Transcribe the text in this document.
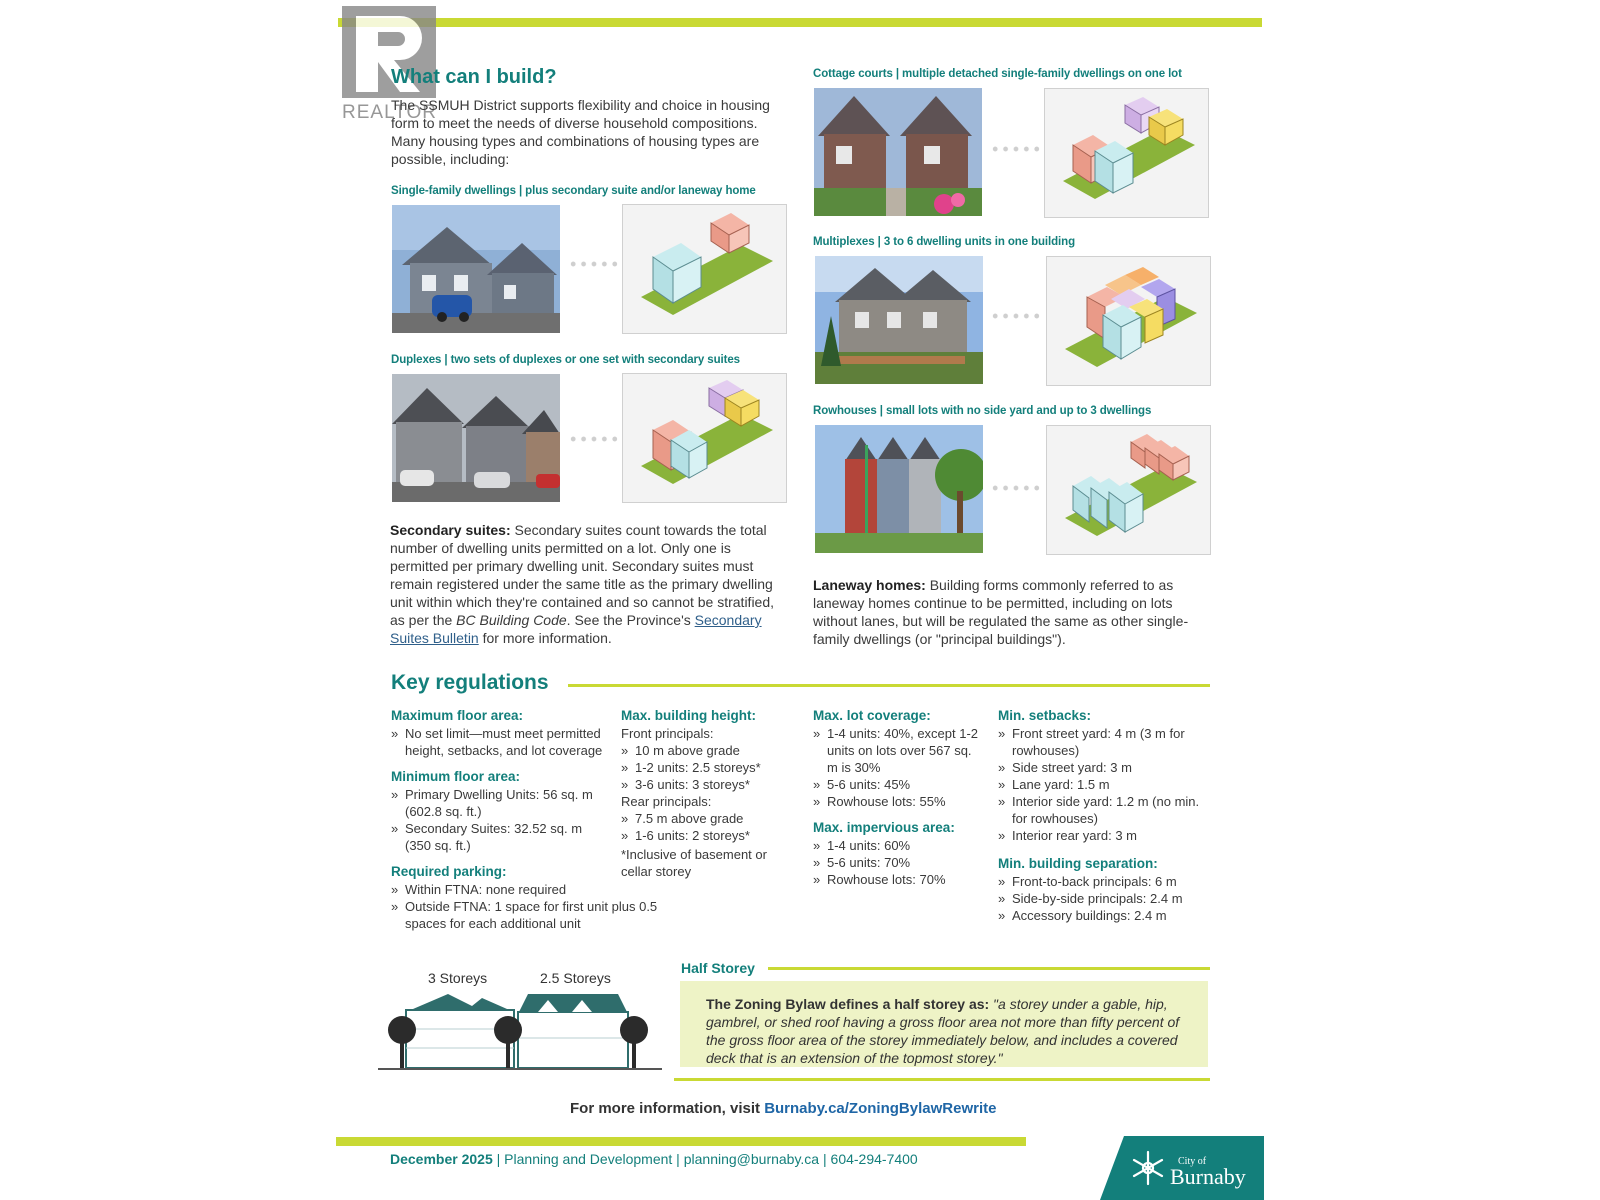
REALTOR
What can I build?
The SSMUH District supports flexibility and choice in housing form to meet the needs of diverse household compositions. Many housing types and combinations of housing types are possible, including:
Single-family dwellings | plus secondary suite and/or laneway home
Duplexes | two sets of duplexes or one set with secondary suites
Cottage courts | multiple detached single-family dwellings on one lot
Multiplexes | 3 to 6 dwelling units in one building
Rowhouses | small lots with no side yard and up to 3 dwellings
Secondary suites: Secondary suites count towards the total number of dwelling units permitted on a lot. Only one is permitted per primary dwelling unit. Secondary suites must remain registered under the same title as the primary dwelling unit within which they're contained and so cannot be stratified, as per the BC Building Code. See the Province's Secondary Suites Bulletin for more information.
Laneway homes: Building forms commonly referred to as laneway homes continue to be permitted, including on lots without lanes, but will be regulated the same as other single-family dwellings (or "principal buildings").
Key regulations
Maximum floor area:
» No set limit—must meet permitted height, setbacks, and lot coverage
Minimum floor area:
» Primary Dwelling Units: 56 sq. m (602.8 sq. ft.)
» Secondary Suites: 32.52 sq. m (350 sq. ft.)
Required parking:
» Within FTNA: none required
» Outside FTNA: 1 space for first unit plus 0.5 spaces for each additional unit
Max. building height:
Front principals:
» 10 m above grade
» 1-2 units: 2.5 storeys*
» 3-6 units: 3 storeys*
Rear principals:
» 7.5 m above grade
» 1-6 units: 2 storeys*
*Inclusive of basement or cellar storey
Max. lot coverage:
» 1-4 units: 40%, except 1-2 units on lots over 567 sq. m is 30%
» 5-6 units: 45%
» Rowhouse lots: 55%
Max. impervious area:
» 1-4 units: 60%
» 5-6 units: 70%
» Rowhouse lots: 70%
Min. setbacks:
» Front street yard: 4 m (3 m for rowhouses)
» Side street yard: 3 m
» Lane yard: 1.5 m
» Interior side yard: 1.2 m (no min. for rowhouses)
» Interior rear yard: 3 m
Min. building separation:
» Front-to-back principals: 6 m
» Side-by-side principals: 2.4 m
» Accessory buildings: 2.4 m
3 Storeys	2.5 Storeys
Half Storey

The Zoning Bylaw defines a half storey as: "a storey under a gable, hip, gambrel, or shed roof having a gross floor area not more than fifty percent of the gross floor area of the storey immediately below, and includes a covered deck that is an extension of the topmost storey."

For more information, visit Burnaby.ca/ZoningBylawRewrite
December 2025 | Planning and Development | planning@burnaby.ca | 604-294-7400	City of
Burnaby
